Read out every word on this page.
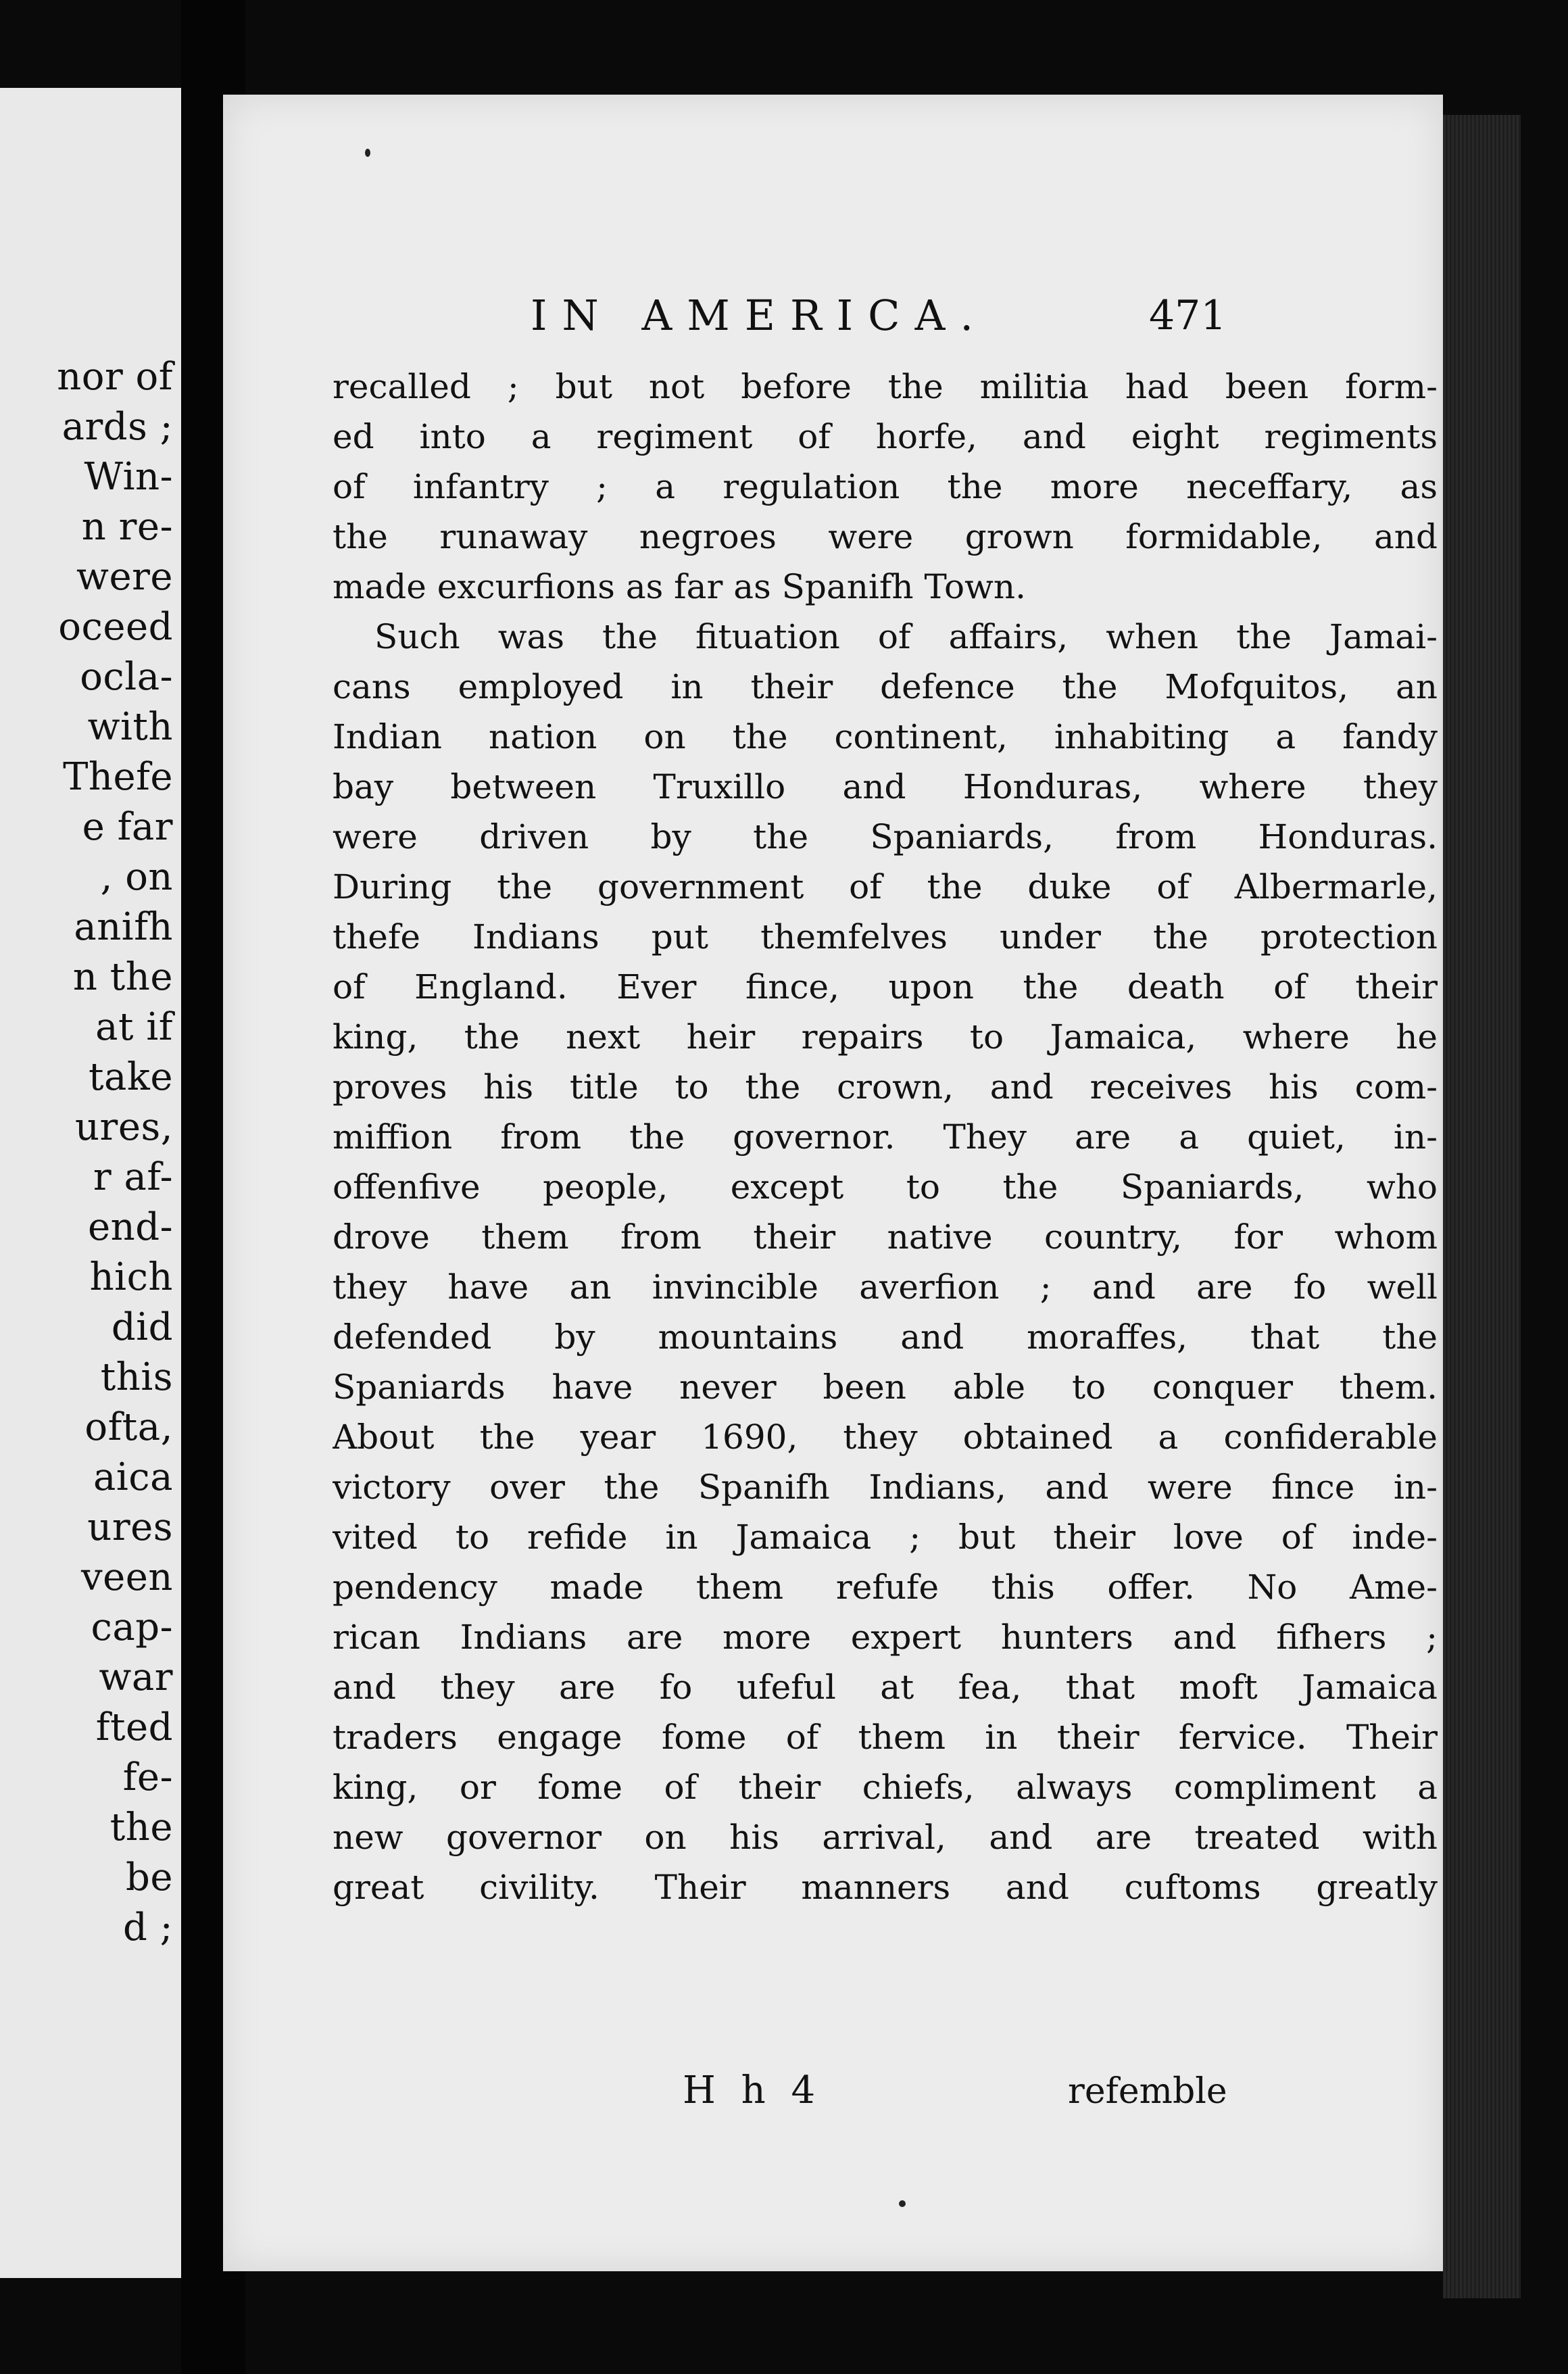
nor of
ards ;
Win-
n re-
were
oceed
ocla-
with
Thefe
e far
, on
anifh
n the
at if
take
ures,
r af-
end-
hich
did
this
ofta,
aica
ures
veen
cap-
war
fted
fe-
the
be
d ;
IN AMERICA.	471
recalled ; but not before the militia had been form-
ed into a regiment of horfe, and eight regiments
of infantry ; a regulation the more neceffary, as
the runaway negroes were grown formidable, and
made excurfions as far as Spanifh Town.
Such was the fituation of affairs, when the Jamai-
cans employed in their defence the Mofquitos, an
Indian nation on the continent, inhabiting a fandy
bay between Truxillo and Honduras, where they
were driven by the Spaniards, from Honduras.
During the government of the duke of Albermarle,
thefe Indians put themfelves under the protection
of England. Ever fince, upon the death of their
king, the next heir repairs to Jamaica, where he
proves his title to the crown, and receives his com-
miffion from the governor. They are a quiet, in-
offenfive people, except to the Spaniards, who
drove them from their native country, for whom
they have an invincible averfion ; and are fo well
defended by mountains and moraffes, that the
Spaniards have never been able to conquer them.
About the year 1690, they obtained a confiderable
victory over the Spanifh Indians, and were fince in-
vited to refide in Jamaica ; but their love of inde-
pendency made them refufe this offer. No Ame-
rican Indians are more expert hunters and fifhers ;
and they are fo ufeful at fea, that moft Jamaica
traders engage fome of them in their fervice. Their
king, or fome of their chiefs, always compliment a
new governor on his arrival, and are treated with
great civility. Their manners and cuftoms greatly
H h 4	refemble
